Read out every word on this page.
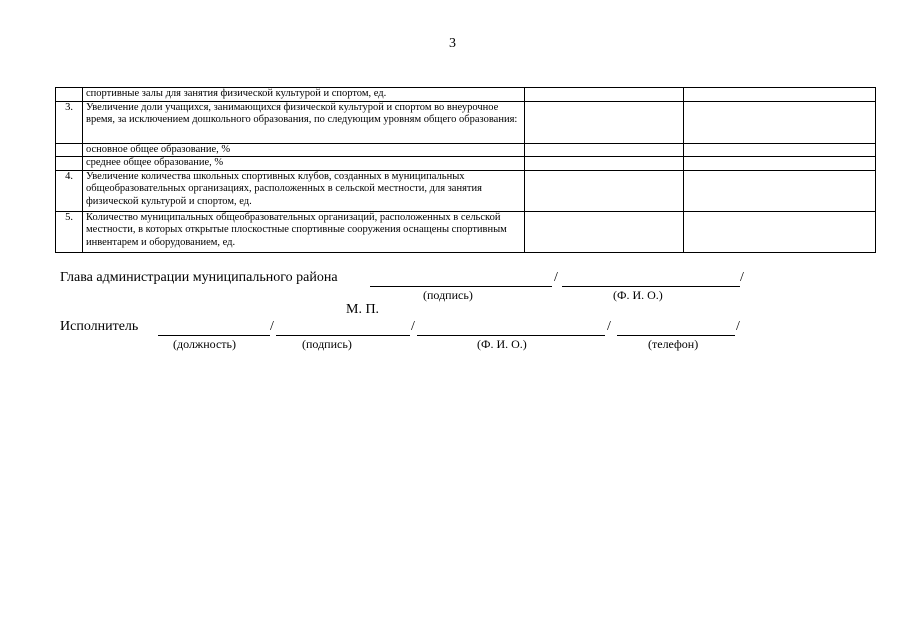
3
	спортивные залы для занятия физической культурой и спортом, ед.		
3.	Увеличение доли учащихся, занимающихся физической культурой и спортом во внеурочное время, за исключением дошкольного образования, по следующим уровням общего образования:		
	основное общее образование, %		
	среднее общее образование, %		
4.	Увеличение количества школьных спортивных клубов, созданных в муниципальных общеобразовательных организациях, расположенных в сельской местности, для занятия физической культурой и спортом, ед.		
5.	Количество муниципальных общеобразовательных организаций, расположенных в сельской местности, в которых открытые плоскостные спортивные сооружения оснащены спортивным инвентарем и оборудованием, ед.		
Глава администрации муниципального района	/	/
(подпись)	(Ф. И. О.)
М. П.
Исполнитель	/	/	/	/
(должность)	(подпись)	(Ф. И. О.)	(телефон)
